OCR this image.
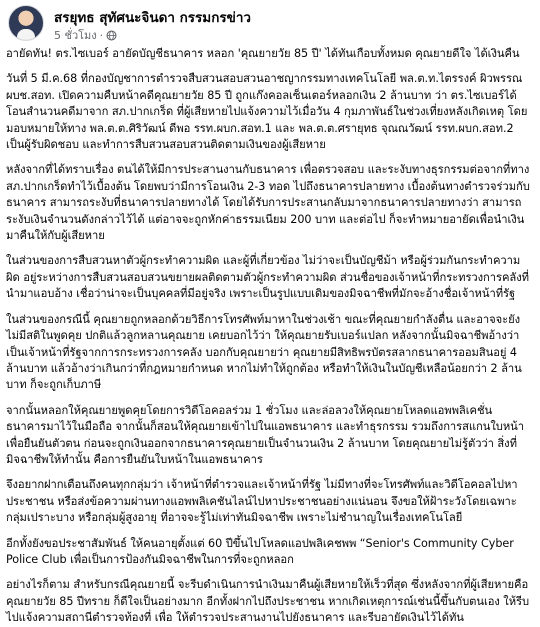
สรยุทธ สุทัศนะจินดา กรรมกรข่าว
5 ชั่วโมง ·

อายัดทัน! ตร.ไซเบอร์ อายัดบัญชีธนาคาร หลอก 'คุณยายวัย 85 ปี' ได้ทันเกือบทั้งหมด คุณยายดีใจ ได้เงินคืน

วันที่ 5 มี.ค.68 ที่กองบัญชาการตำรวจสืบสวนสอบสวนอาชญากรรมทางเทคโนโลยี พล.ต.ท.ไตรรงค์ ผิวพรรณ ผบช.สอท. เปิดความคืบหน้าคดีคุณยายวัย 85 ปี ถูกแก๊งคอลเซ็นเตอร์หลอกเงิน 2 ล้านบาท ว่า ตร.ไซเบอร์ได้โอนสำนวนคดีมาจาก สภ.ปากเกร็ด ที่ผู้เสียหายไปแจ้งความไว้เมื่อวัน 4 กุมภาพันธ์ในช่วงเที่ยงหลังเกิดเหตุ โดยมอบหมายให้ทาง พล.ต.ต.ศิริวัฒน์ ดีพอ รรท.ผบก.สอท.1 และ พล.ต.ต.ศรายุทธ จุณณวัฒน์ รรท.ผบก.สอท.2 เป็นผู้รับผิดชอบ และทำการสืบสวนสอบสวนติดตามเงินของผู้เสียหาย

หลังจากที่ได้ทราบเรื่อง ตนได้ให้มีการประสานงานกับธนาคาร เพื่อตรวจสอบ และระงับทางธุรกรรมต่อจากที่ทาง สภ.ปากเกร็ดทำไว้เบื้องต้น โดยพบว่ามีการโอนเงิน 2-3 ทอด ไปถึงธนาคารปลายทาง เบื้องต้นทางตำรวจร่วมกับธนาคาร สามารถระงับที่ธนาคารปลายทางได้ โดยได้รับการประสานกลับมาจากธนาคารปลายทางว่า สามารถระงับเงินจำนวนดังกล่าวไว้ได้ แต่อาจจะถูกหักค่าธรรมเนียม 200 บาท และต่อไป ก็จะทำหมายอายัดเพื่อนำเงินมาคืนให้กับผู้เสียหาย

ในส่วนของการสืบสวนหาตัวผู้กระทำความผิด และผู้ที่เกี่ยวข้อง ไม่ว่าจะเป็นบัญชีม้า หรือผู้ร่วมกันกระทำความผิด อยู่ระหว่างการสืบสวนสอบสวนขยายผลติดตามตัวผู้กระทำความผิด ส่วนชื่อของเจ้าหน้าที่กระทรวงการคลังที่นำมาแอบอ้าง เชื่อว่าน่าจะเป็นบุคคลที่มีอยู่จริง เพราะเป็นรูปแบบเดิมของมิจฉาชีพที่มักจะอ้างชื่อเจ้าหน้าที่รัฐ

ในส่วนของกรณีนี้ คุณยายถูกหลอกด้วยวิธีการโทรศัพท์มาหาในช่วงเช้า ขณะที่คุณยายกำลังตื่น และอาจจะยังไม่มีสติในพูดคุย ปกติแล้วลูกหลานคุณยาย เคยบอกไว้ว่า ให้คุณยายรับเบอร์แปลก หลังจากนั้นมิจฉาชีพอ้างว่า เป็นเจ้าหน้าที่รัฐจากการกระทรวงการคลัง บอกกับคุณยายว่า คุณยายมีสิทธิพรบัตรสลากธนาคารออมสินอยู่ 4 ล้านบาท แล้วอ้างว่าเกินกว่าที่กฎหมายกำหนด หากไม่ทำให้ถูกต้อง หรือทำให้เงินในบัญชีเหลือน้อยกว่า 2 ล้านบาท ก็จะถูกเก็บภาษี

จากนั้นหลอกให้คุณยายพูดคุยโดยการวิดีโอคอลร่วม 1 ชั่วโมง และล่อลวงให้คุณยายโหลดแอพพลิเคชั่นธนาคารมาไว้ในมือถือ จากนั้นก็สอนให้คุณยายเข้าไปในแอพธนาคาร และทำธุรกรรม รวมถึงการสแกนใบหน้า เพื่อยืนยันตัวตน ก่อนจะถูกเงินออกจากธนาคารคุณยายเป็นจำนวนเงิน 2 ล้านบาท โดยคุณยายไม่รู้ตัวว่า สิ่งที่มิจฉาชีพให้ทำนั้น คือการยืนยันใบหน้าในแอพธนาคาร

จึงอยากฝากเตือนถึงคนทุกกลุ่มว่า เจ้าหน้าที่ตำรวจและเจ้าหน้าที่รัฐ ไม่มีทางที่จะโทรศัพท์และวิดีโอคอลไปหาประชาชน หรือส่งข้อความผ่านทางแอพพลิเคชันไลน์ไปหาประชาชนอย่างแน่นอน จึงขอให้ฝ้าระวังโดยเฉพาะกลุ่มเปราะบาง หรือกลุ่มผู้สูงอายุ ที่อาจจะรู้ไม่เท่าทันมิจฉาชีพ เพราะไม่ชำนาญในเรื่องเทคโนโลยี

อีกทั้งยังขอประชาสัมพันธ์ ให้คนอายุตั้งแต่ 60 ปีขึ้นไปโหลดแอปพลิเคชพพ “Senior's Community Cyber Police Club เพื่อเป็นการป้องกันมิจฉาชีพในการที่จะถูกหลอก

อย่างไรก็ตาม สำหรับกรณีคุณยายนี้ จะรีบดำเนินการนำเงินมาคืนผู้เสียหายให้เร็วที่สุด ซึ่งหลังจากที่ผู้เสียหายคือคุณยายวัย 85 ปีทราย ก็ดีใจเป็นอย่างมาก อีกทั้งฝากไปถึงประชาชน หากเกิดเหตุการณ์เช่นนี้ขึ้นกับตนเอง ให้รีบไปแจ้งความสถานีตำรวจท้องที่ เพื่อ ให้ตำรวจประสานงานไปยังธนาคาร และรีบอายัดเงินไว้ได้ทัน
